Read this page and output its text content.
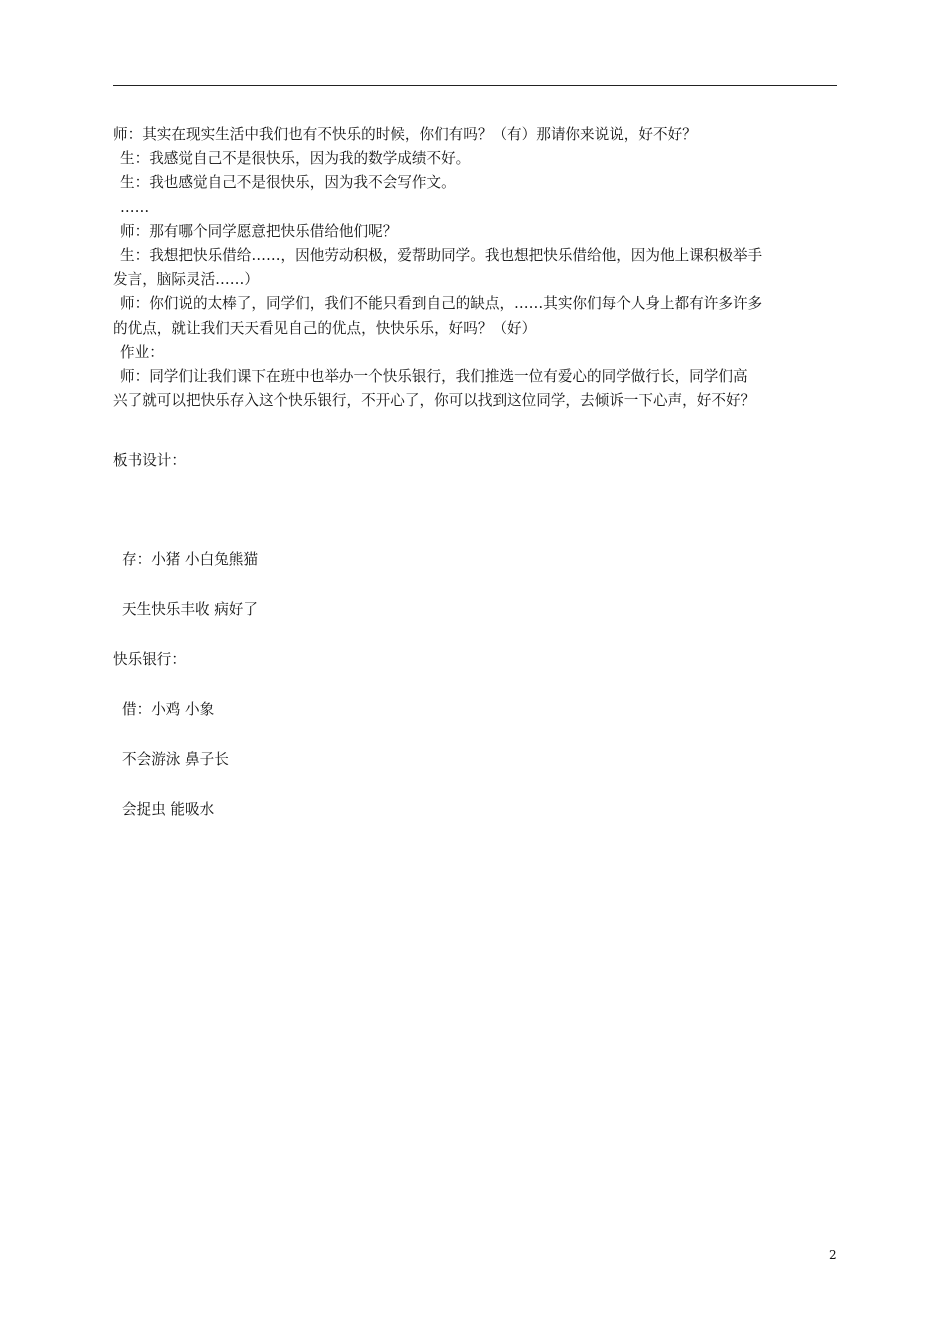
师：其实在现实生活中我们也有不快乐的时候，你们有吗？（有）那请你来说说，好不好？
生：我感觉自己不是很快乐，因为我的数学成绩不好。
生：我也感觉自己不是很快乐，因为我不会写作文。
……
师：那有哪个同学愿意把快乐借给他们呢？
生：我想把快乐借给……，因他劳动积极，爱帮助同学。我也想把快乐借给他，因为他上课积极举手
发言，脑际灵活……）
师：你们说的太棒了，同学们，我们不能只看到自己的缺点，……其实你们每个人身上都有许多许多
的优点，就让我们天天看见自己的优点，快快乐乐，好吗？（好）
作业：
师：同学们让我们课下在班中也举办一个快乐银行，我们推选一位有爱心的同学做行长，同学们高
兴了就可以把快乐存入这个快乐银行，不开心了，你可以找到这位同学，去倾诉一下心声，好不好？
板书设计：
存：小猪 小白兔熊猫
天生快乐丰收 病好了
快乐银行：
借：小鸡 小象
不会游泳 鼻子长
会捉虫 能吸水
2
